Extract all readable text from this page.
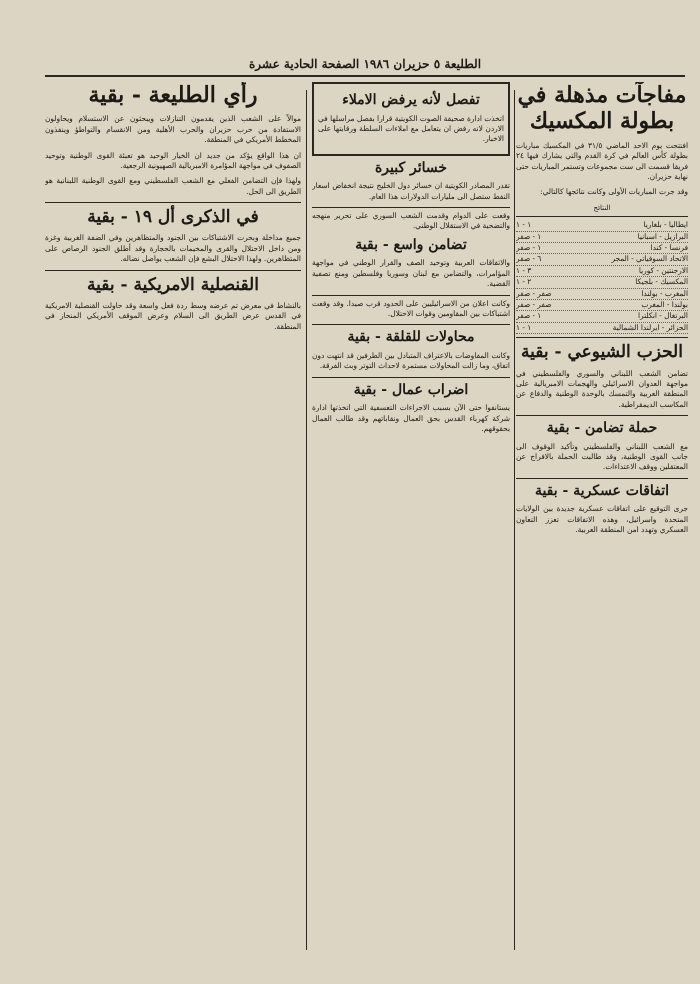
الطليعة ٥ حزيران ١٩٨٦ الصفحة الحادية عشرة
مفاجآت مذهلة في بطولة المكسيك

افتتحت يوم الاحد الماضي ٣١/٥ في المكسيك مباريات بطولة كأس العالم في كرة القدم والتي يشارك فيها ٢٤ فريقا قسمت الى ست مجموعات وتستمر المباريات حتى نهاية حزيران.

وقد جرت المباريات الأولى وكانت نتائجها كالتالي:

النتائج
ايطاليا - بلغاريا
١ - ١
البرازيل - اسبانيا
١ - صفر
فرنسا - كندا
١ - صفر
الاتحاد السوفياتي - المجر
٦ - صفر
الارجنتين - كوريا
٣ - ١
المكسيك - بلجيكا
٢ - ١
المغرب - بولندا
صفر - صفر
بولندا - المغرب
صفر - صفر
البرتغال - انكلترا
١ - صفر
الجزائر - ايرلندا الشمالية
١ - ١
الحزب الشيوعي - بقية

تضامن الشعب اللبناني والسوري والفلسطيني في مواجهة العدوان الاسرائيلي والهجمات الامبريالية على المنطقة العربية والتمسك بالوحدة الوطنية والدفاع عن المكاسب الديمقراطية.

حملة تضامن - بقية

مع الشعب اللبناني والفلسطيني وتأكيد الوقوف الى جانب القوى الوطنية، وقد طالبت الحملة بالافراج عن المعتقلين ووقف الاعتداءات.

اتفاقات عسكرية - بقية

جرى التوقيع على اتفاقات عسكرية جديدة بين الولايات المتحدة واسرائيل، وهذه الاتفاقات تعزز التعاون العسكري وتهدد امن المنطقة العربية.

تفصل لأنه يرفض الاملاء

اتخذت ادارة صحيفة الصوت الكويتية قرارا بفصل مراسلها في الاردن لانه رفض ان يتعامل مع املاءات السلطة ورقابتها على الاخبار.

خسائر كبيرة

تقدر المصادر الكويتية ان خسائر دول الخليج نتيجة انخفاض اسعار النفط ستصل الى مليارات الدولارات هذا العام.

وقعت على الدوام وقدمت الشعب السوري على تحرير منهجه والتضحية في الاستقلال الوطني.

تضامن واسع - بقية

والاتفاقات العربية وتوحيد الصف والقرار الوطني في مواجهة المؤامرات، والتضامن مع لبنان وسوريا وفلسطين ومنع تصفية القضية.

وكانت اعلان من الاسرائيليين على الحدود قرب صيدا. وقد وقعت اشتباكات بين المقاومين وقوات الاحتلال.

محاولات للقلقة - بقية

وكانت المفاوضات بالاعتراف المتبادل بين الطرفين قد انتهت دون اتفاق، وما زالت المحاولات مستمرة لاحداث التوتر وبث الفرقة.

اضراب عمال - بقية

يستانفوا حتى الآن بسبب الاجراءات التعسفية التي اتخذتها ادارة شركة كهرباء القدس بحق العمال ونقاباتهم وقد طالب العمال بحقوقهم.

رأي الطليعة - بقية

موالاً على الشعب الذين يقدمون التنازلات ويبحثون عن الاستسلام ويحاولون الاستفادة من حرب حزيران والحرب الأهلية ومن الانقسام والتواطؤ وينفذون المخطط الأمريكي في المنطقة.

ان هذا الواقع يؤكد من جديد ان الخيار الوحيد هو تعبئة القوى الوطنية وتوحيد الصفوف في مواجهة المؤامرة الامبريالية الصهيونية الرجعية.

ولهذا فإن التضامن الفعلي مع الشعب الفلسطيني ومع القوى الوطنية اللبنانية هو الطريق الى الحل.

في الذكرى أل ١٩ - بقية

جميع مداخلة وبحرت الاشتباكات بين الجنود والمتظاهرين وفي الضفة الغربية وغزة ومن داخل الاحتلال والقرى والمخيمات بالحجارة وقد أطلق الجنود الرصاص على المتظاهرين. ولهذا الاحتلال البشع فإن الشعب يواصل نضاله.

القنصلية الامريكية - بقية

بالنشاط في معرض تم عرضه وسط ردة فعل واسعة وقد حاولت القنصلية الامريكية في القدس عرض الطريق الى السلام وعرض الموقف الأمريكي المنحاز في المنطقة.
